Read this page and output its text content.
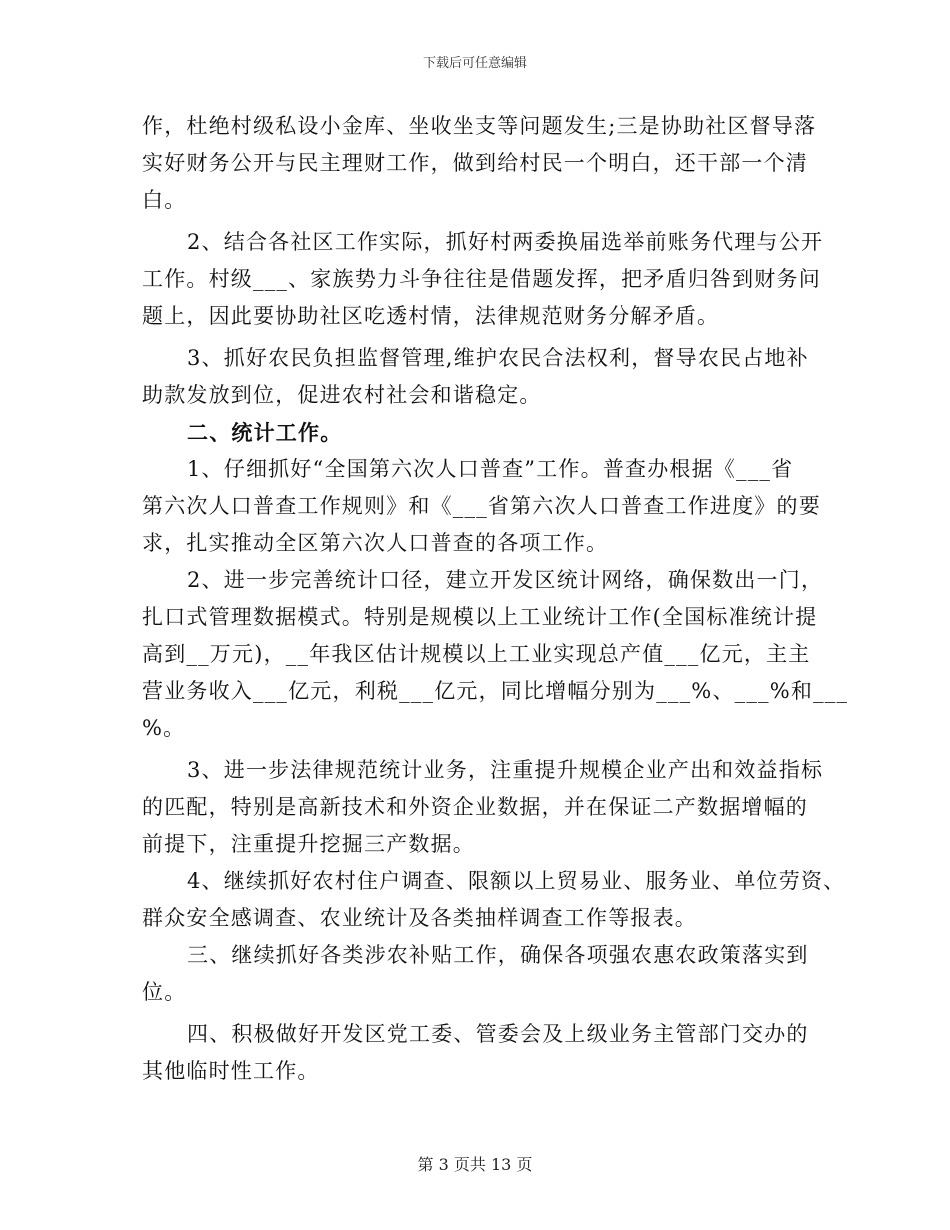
下载后可任意编辑
作，杜绝村级私设小金库、坐收坐支等问题发生;三是协助社区督导落
实好财务公开与民主理财工作，做到给村民一个明白，还干部一个清
白。
2、结合各社区工作实际，抓好村两委换届选举前账务代理与公开
工作。村级___、家族势力斗争往往是借题发挥，把矛盾归咎到财务问
题上，因此要协助社区吃透村情，法律规范财务分解矛盾。
3、抓好农民负担监督管理,维护农民合法权利，督导农民占地补
助款发放到位，促进农村社会和谐稳定。
二、统计工作。
1、仔细抓好“全国第六次人口普查”工作。普查办根据《___省
第六次人口普查工作规则》和《___省第六次人口普查工作进度》的要
求，扎实推动全区第六次人口普查的各项工作。
2、进一步完善统计口径，建立开发区统计网络，确保数出一门，
扎口式管理数据模式。特别是规模以上工业统计工作(全国标准统计提
高到__万元)，__年我区估计规模以上工业实现总产值___亿元，主主
营业务收入___亿元，利税___亿元，同比增幅分别为___%、___%和___
%。
3、进一步法律规范统计业务，注重提升规模企业产出和效益指标
的匹配，特别是高新技术和外资企业数据，并在保证二产数据增幅的
前提下，注重提升挖掘三产数据。
4、继续抓好农村住户调查、限额以上贸易业、服务业、单位劳资、
群众安全感调查、农业统计及各类抽样调查工作等报表。
三、继续抓好各类涉农补贴工作，确保各项强农惠农政策落实到
位。
四、积极做好开发区党工委、管委会及上级业务主管部门交办的
其他临时性工作。
第 3 页共 13 页
